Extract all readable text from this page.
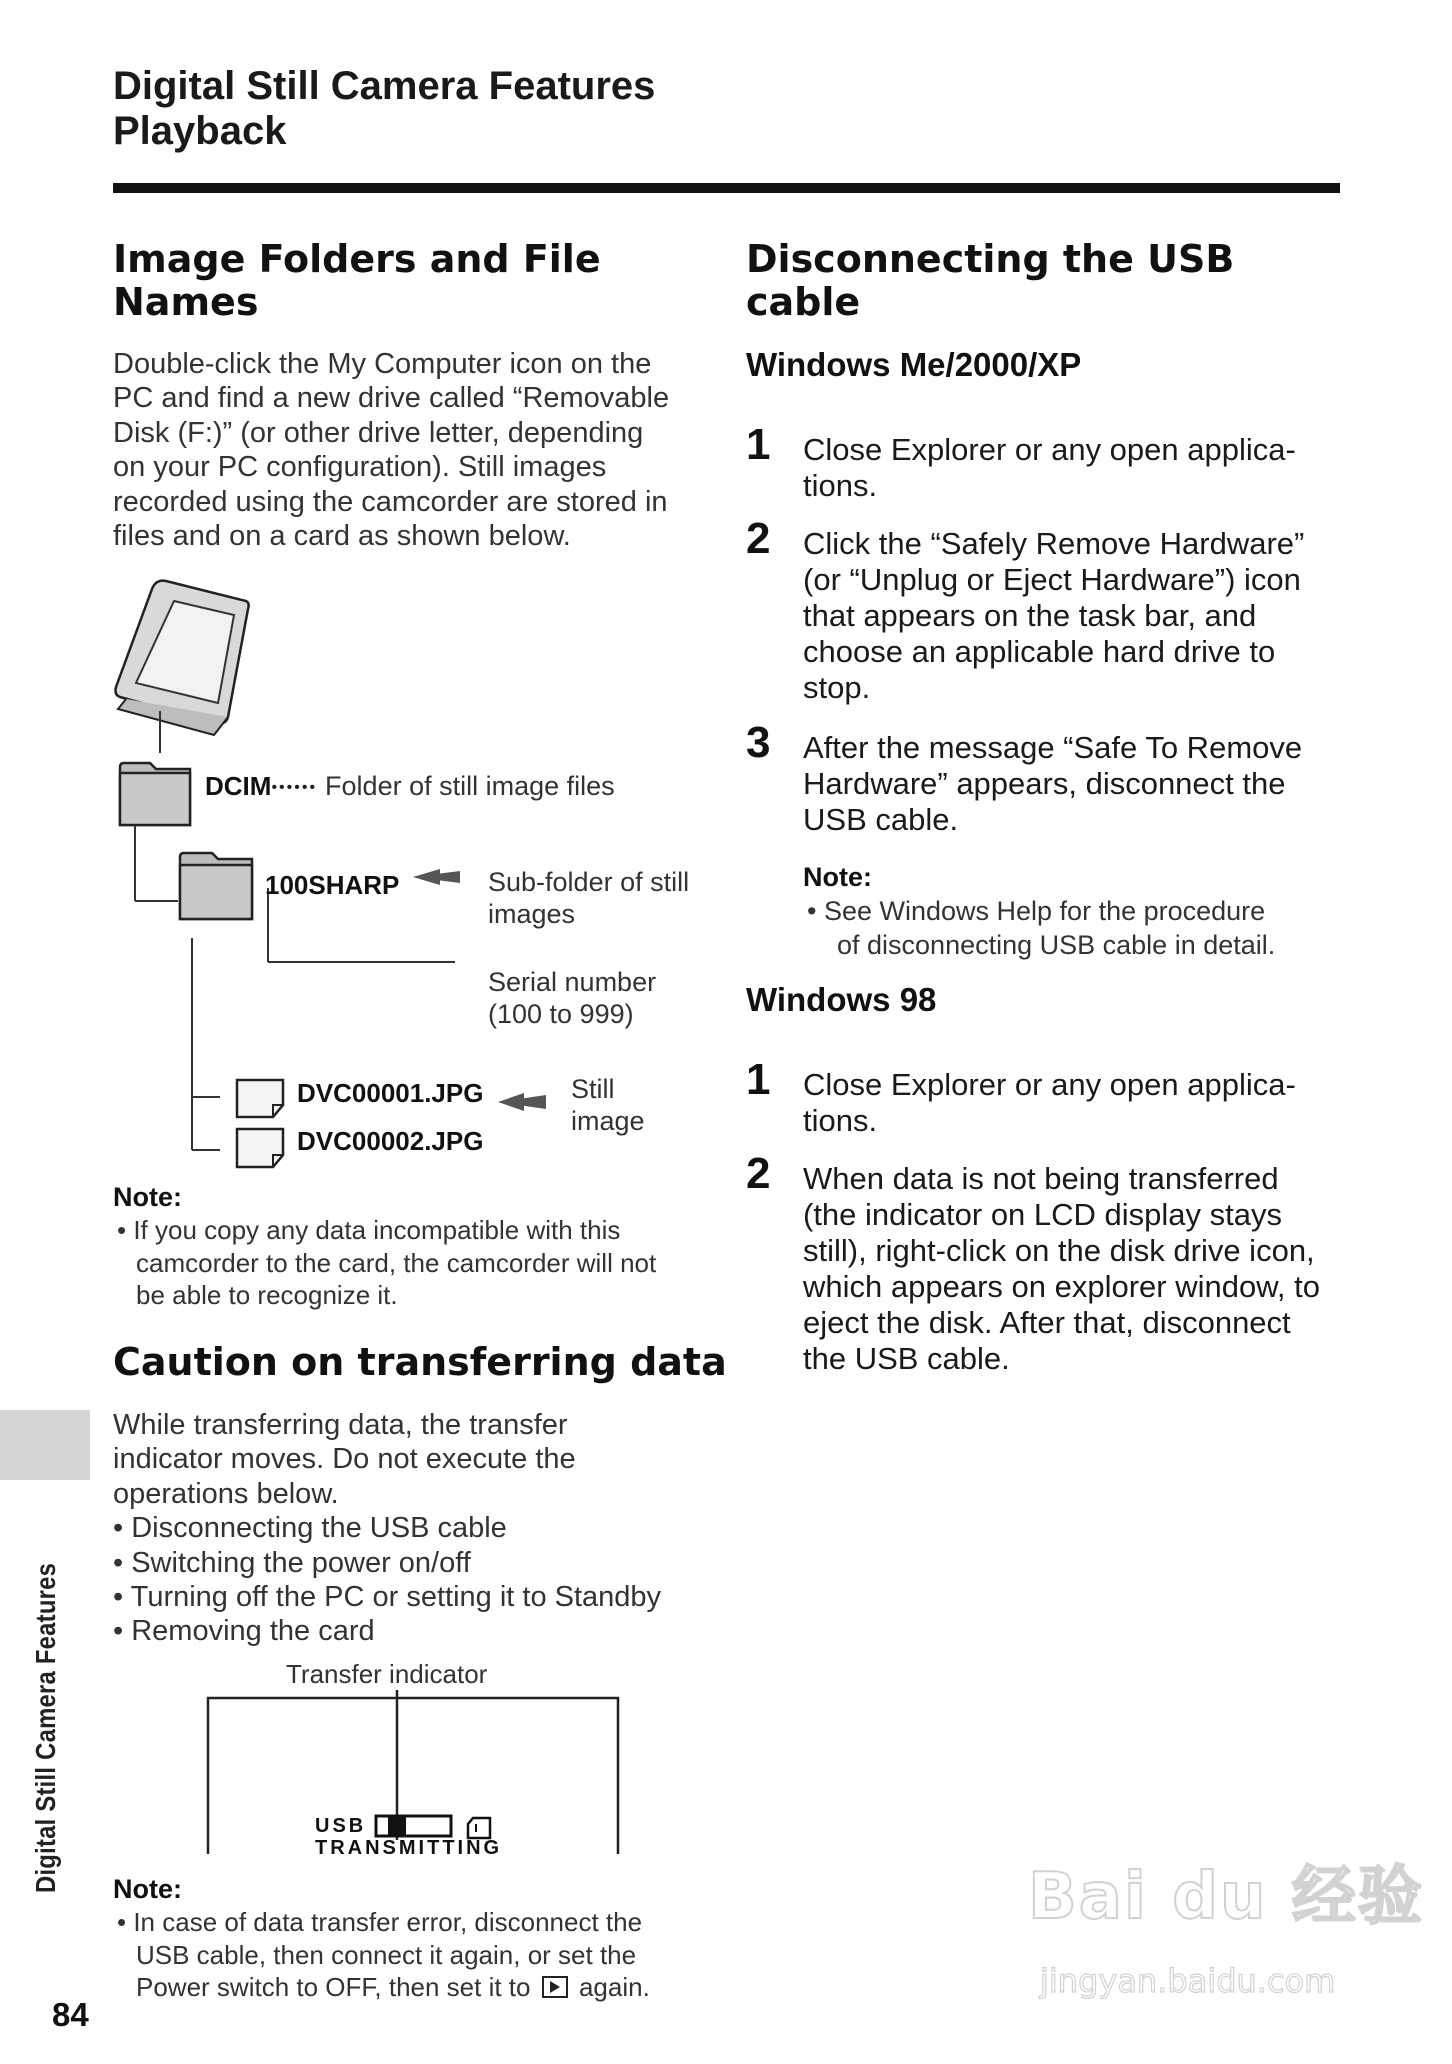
Digital Still Camera Features
Playback
Image Folders and File
Names
Double-click the My Computer icon on the
PC and find a new drive called “Removable
Disk (F:)” (or other drive letter, depending
on your PC configuration). Still images
recorded using the camcorder are stored in
files and on a card as shown below.
DCIM•••••• Folder of still image files
100SHARP	Sub-folder of still
images
Serial number
(100 to 999)
DVC00001.JPG
DVC00002.JPG
Still
image
Note:
• If you copy any data incompatible with this
camcorder to the card, the camcorder will not
be able to recognize it.
Caution on transferring data
While transferring data, the transfer
indicator moves. Do not execute the
operations below.
• Disconnecting the USB cable
• Switching the power on/off
• Turning off the PC or setting it to Standby
• Removing the card
Transfer indicator
USB
TRANSMITTING
Note:
• In case of data transfer error, disconnect the
USB cable, then connect it again, or set the
Power switch to OFF, then set it to again.
Disconnecting the USB
cable
Windows Me/2000/XP
1 Close Explorer or any open applica-
tions.
2 Click the “Safely Remove Hardware”
(or “Unplug or Eject Hardware”) icon
that appears on the task bar, and
choose an applicable hard drive to
stop.
3 After the message “Safe To Remove
Hardware” appears, disconnect the
USB cable.
Note:
• See Windows Help for the procedure
of disconnecting USB cable in detail.
Windows 98
1 Close Explorer or any open applica-
tions.
2 When data is not being transferred
(the indicator on LCD display stays
still), right-click on the disk drive icon,
which appears on explorer window, to
eject the disk. After that, disconnect
the USB cable.
Digital Still Camera Features
84
Bai du 经验
jingyan.baidu.com
